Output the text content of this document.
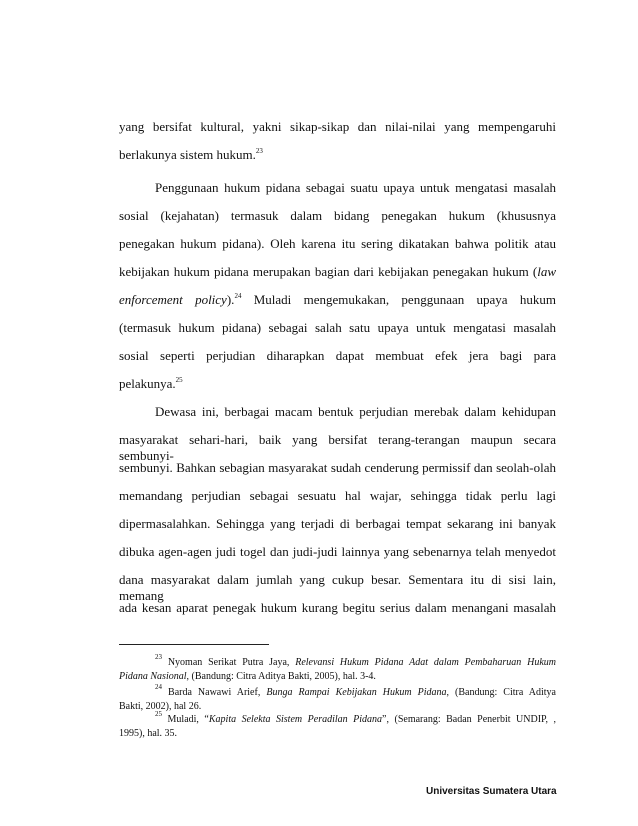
yang bersifat kultural, yakni sikap-sikap dan nilai-nilai yang mempengaruhi
berlakunya sistem hukum.$^{23}$
Penggunaan hukum pidana sebagai suatu upaya untuk mengatasi masalah
sosial (kejahatan) termasuk dalam bidang penegakan hukum (khususnya
penegakan hukum pidana). Oleh karena itu sering dikatakan bahwa politik atau
kebijakan hukum pidana merupakan bagian dari kebijakan penegakan hukum (law
enforcement policy).$^{24}$ Muladi mengemukakan, penggunaan upaya hukum
(termasuk hukum pidana) sebagai salah satu upaya untuk mengatasi masalah
sosial seperti perjudian diharapkan dapat membuat efek jera bagi para
pelakunya.$^{25}$
Dewasa ini, berbagai macam bentuk perjudian merebak dalam kehidupan
masyarakat sehari-hari, baik yang bersifat terang-terangan maupun secara sembunyi-
sembunyi. Bahkan sebagian masyarakat sudah cenderung permissif dan seolah-olah
memandang perjudian sebagai sesuatu hal wajar, sehingga tidak perlu lagi
dipermasalahkan. Sehingga yang terjadi di berbagai tempat sekarang ini banyak
dibuka agen-agen judi togel dan judi-judi lainnya yang sebenarnya telah menyedot
dana masyarakat dalam jumlah yang cukup besar. Sementara itu di sisi lain, memang
ada kesan aparat penegak hukum kurang begitu serius dalam menangani masalah
$^{23}$ Nyoman Serikat Putra Jaya, Relevansi Hukum Pidana Adat dalam Pembaharuan Hukum
Pidana Nasional, (Bandung: Citra Aditya Bakti, 2005), hal. 3-4.
$^{24}$ Barda Nawawi Arief, Bunga Rampai Kebijakan Hukum Pidana, (Bandung: Citra Aditya
Bakti, 2002), hal 26.
$^{25}$ Muladi, “Kapita Selekta Sistem Peradilan Pidana”, (Semarang: Badan Penerbit UNDIP, ,
1995), hal. 35.
Universitas Sumatera Utara
